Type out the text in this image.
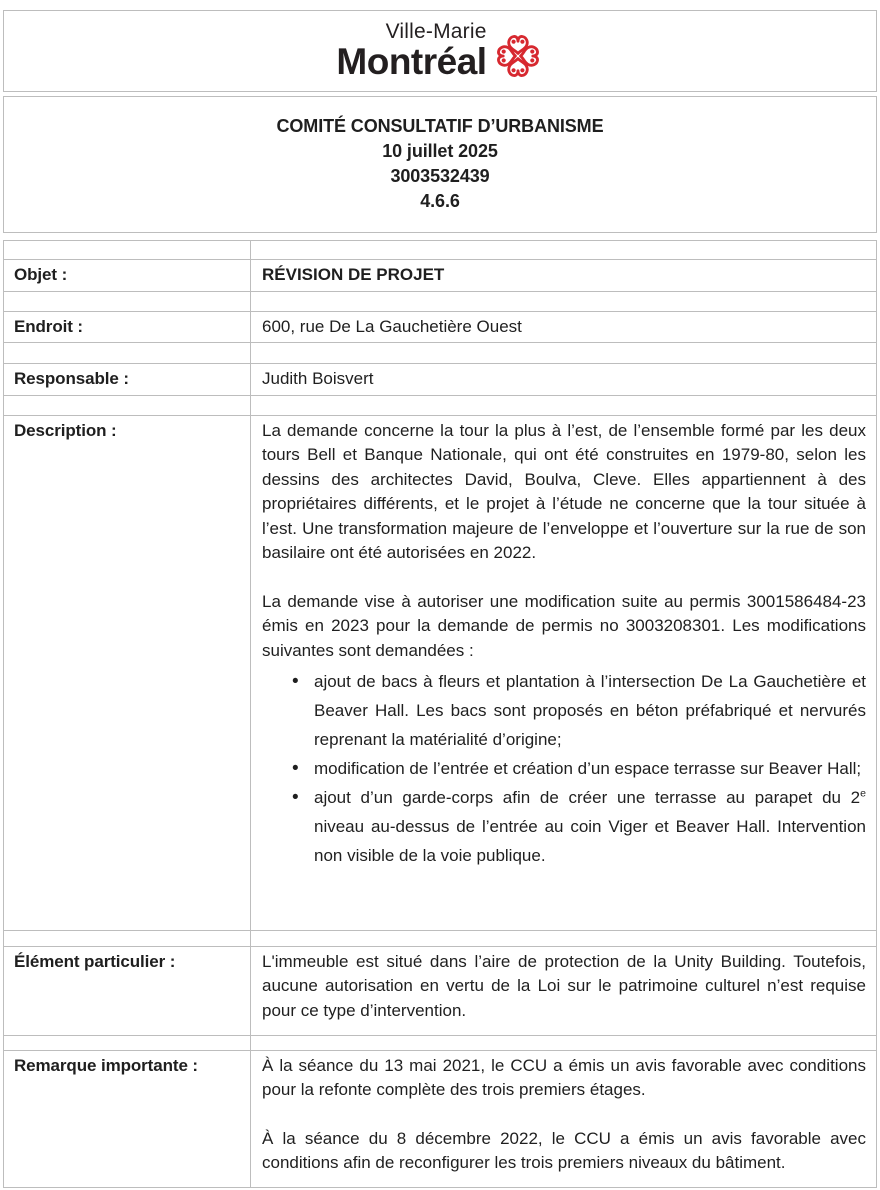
Ville-Marie
Montréal
COMITÉ CONSULTATIF D’URBANISME
10 juillet 2025
3003532439
4.6.6

Objet :	RÉVISION DE PROJET

Endroit :	600, rue De La Gauchetière Ouest

Responsable :	Judith Boisvert

Description :	La demande concerne la tour la plus à l’est, de l’ensemble formé par les deux tours Bell et Banque Nationale, qui ont été construites en 1979-80, selon les dessins des architectes David, Boulva, Cleve. Elles appartiennent à des propriétaires différents, et le projet à l’étude ne concerne que la tour située à l’est. Une transformation majeure de l’enveloppe et l’ouverture sur la rue de son basilaire ont été autorisées en 2022.

La demande vise à autoriser une modification suite au permis 3001586484-23 émis en 2023 pour la demande de permis no 3003208301. Les modifications suivantes sont demandées :

• ajout de bacs à fleurs et plantation à l’intersection De La Gauchetière et Beaver Hall. Les bacs sont proposés en béton préfabriqué et nervurés reprenant la matérialité d’origine;
• modification de l’entrée et création d’un espace terrasse sur Beaver Hall;
• ajout d’un garde-corps afin de créer une terrasse au parapet du 2e niveau au-dessus de l’entrée au coin Viger et Beaver Hall. Intervention non visible de la voie publique.

Élément particulier :	L'immeuble est situé dans l’aire de protection de la Unity Building. Toutefois, aucune autorisation en vertu de la Loi sur le patrimoine culturel n’est requise pour ce type d’intervention.

Remarque importante :	À la séance du 13 mai 2021, le CCU a émis un avis favorable avec conditions pour la refonte complète des trois premiers étages.

À la séance du 8 décembre 2022, le CCU a émis un avis favorable avec conditions afin de reconfigurer les trois premiers niveaux du bâtiment.
